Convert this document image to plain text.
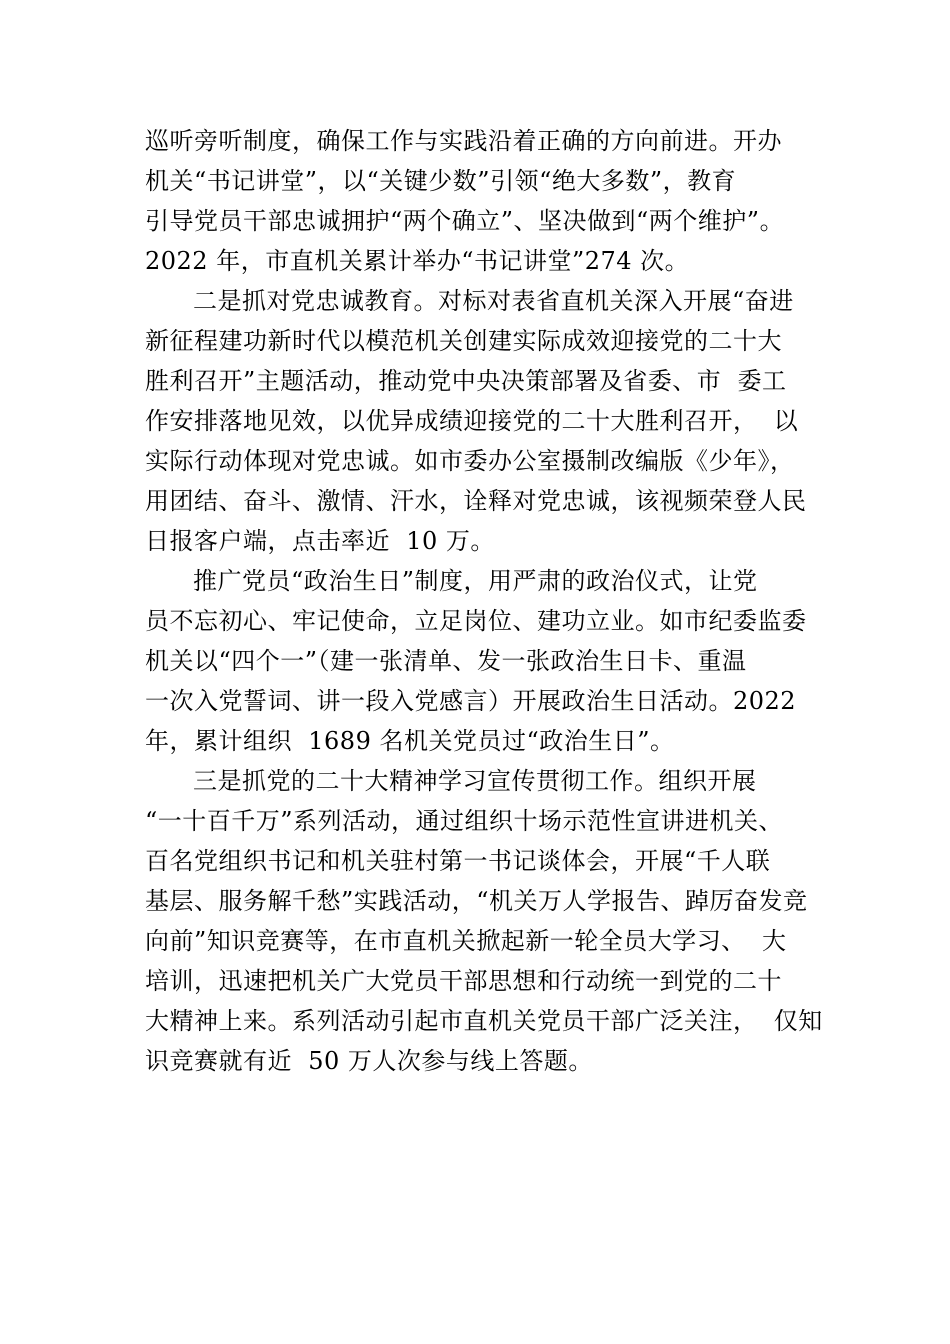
巡听旁听制度，确保工作与实践沿着正确的方向前进。开办
机关“书记讲堂”，以“关键少数”引领“绝大多数”，教育
引导党员干部忠诚拥护“两个确立”、坚决做到“两个维护”。
2022 年，市直机关累计举办“书记讲堂”274 次。
二是抓对党忠诚教育。对标对表省直机关深入开展“奋进
新征程建功新时代以模范机关创建实际成效迎接党的二十大
胜利召开”主题活动，推动党中央决策部署及省委、市  委工
作安排落地见效，以优异成绩迎接党的二十大胜利召开，  以
实际行动体现对党忠诚。如市委办公室摄制改编版《少年》，
用团结、奋斗、激情、汗水，诠释对党忠诚，该视频荣登人民
日报客户端，点击率近  10 万。
推广党员“政治生日”制度，用严肃的政治仪式，让党
员不忘初心、牢记使命，立足岗位、建功立业。如市纪委监委
机关以“四个一”（建一张清单、发一张政治生日卡、重温
一次入党誓词、讲一段入党感言）开展政治生日活动。2022
年，累计组织  1689 名机关党员过“政治生日”。
三是抓党的二十大精神学习宣传贯彻工作。组织开展
“一十百千万”系列活动，通过组织十场示范性宣讲进机关、
百名党组织书记和机关驻村第一书记谈体会，开展“千人联
基层、服务解千愁”实践活动，“机关万人学报告、踔厉奋发竞
向前”知识竞赛等，在市直机关掀起新一轮全员大学习、  大
培训，迅速把机关广大党员干部思想和行动统一到党的二十
大精神上来。系列活动引起市直机关党员干部广泛关注，  仅知
识竞赛就有近  50 万人次参与线上答题。
